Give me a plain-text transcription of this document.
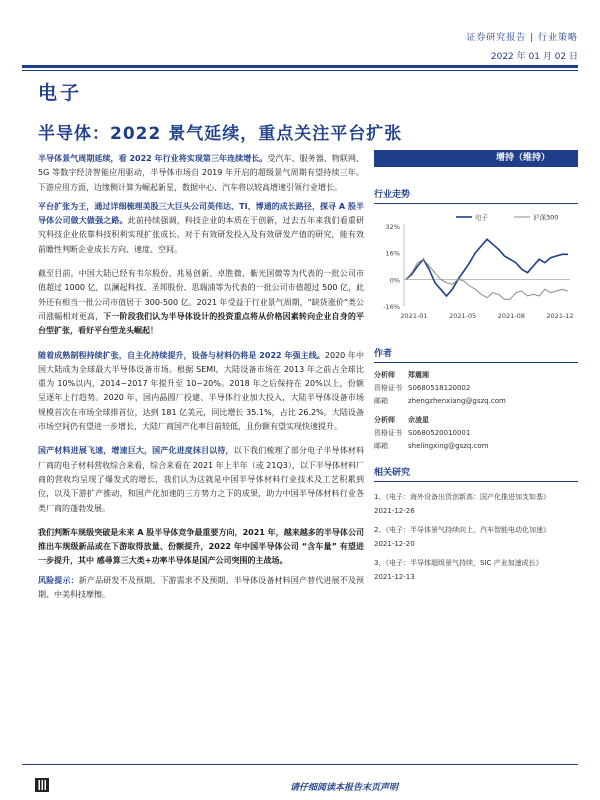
证券研究报告 | 行业策略
2022 年 01 月 02 日
电子
半导体：2022 景气延续，重点关注平台扩张

半导体景气周期延续，看 2022 年行业将实现第三年连续增长。受汽车、服务器、物联网、5G 等数字经济智能应用驱动，半导体市场自 2019 年开启的超级景气周期有望持续三年。下游应用方面，边缘侧计算为崛起新星，数据中心、汽车将以较高增速引领行业增长。

平台扩张为王，通过详细梳理美股三大巨头公司英伟达、TI、博通的成长路径，探寻 A 股半导体公司做大做强之路。此前持续强调，科技企业的本质在于创新，过去五年来我们看重研究科技企业依靠科技积利实现扩张成长。对于有效研发投入及有效研发产值的研究，能有效前瞻性判断企业成长方向、速度、空间。

截至目前，中国大陆已经有韦尔股份、兆易创新、卓胜微、紫光国微等为代表的一批公司市值超过 1000 亿，以澜起科技、圣邦股份、思瑞浦等为代表的一批公司市值超过 500 亿，此外还有相当一批公司市值居于 300-500 亿。2021 年受益于行业景气周期，“缺货涨价”类公司涨幅相对更高，下一阶段我们认为半导体设计的投资重点将从价格因素转向企业自身的平台型扩张，看好平台型龙头崛起！

随着成熟制程持续扩张，自主化持续提升，设备与材料仍将是 2022 年强主线。2020 年中国大陆成为全球最大半导体设备市场。根据 SEMI，大陆设备市场在 2013 年之前占全球比重为 10%以内，2014~2017 年提升至 10~20%。2018 年之后保持在 20%以上，份额呈逐年上行趋势。2020 年，国内晶圆厂投建、半导体行业加大投入，大陆半导体设备市场规模首次在市场全球排首位，达到 181 亿美元，同比增长 35.1%，占比 26.2%。大陆设备市场空间仍有望进一步增长，大陆厂商国产化率目前较低，且份额有望实现快速提升。

国产材料进展飞速，增速巨大，国产化进度抹目以待，以下我们梳理了部分电子半导体材料厂商的电子材料营收综合来看，综合来看在 2021 年上半年（或 21Q3），以下半导体材料厂商的营收均呈现了爆发式的增长，我们认为这就是中国半导体材料行业技术及工艺积累到位，以及下游扩产推动，和国产化加速的三方势力之下的成果，助力中国半导体材料行业各类厂商的蓬勃发展。

我们判断车规级突破是未来 A 股半导体竞争最重要方向，2021 年，越来越多的半导体公司推出车规级新品或在下游取得放量、份额提升，2022 年中国半导体公司 “含车量” 有望进一步提升，其中 感尋算三大类+功率半导体是国产公司突围的主战场。

风险提示：新产品研发不及预期、下游需求不及预期、半导体设备材料国产替代进展不及预期、中美科技摩擦。

增持（维持）
行业走势
32%
16%
0%
-16%
2021-01	2021-05	2021-08	2021-12
电子	沪深300
作者
分析师 郑震湘
资格证书 S0680518120002
邮箱	zhengzhenxiang@gszq.com
分析师 佘凌星
资格证书 S0680520010001
邮箱	shelingxing@gszq.com
相关研究
1、《电子：海外设备出货创新高：国产化推进加支如基》
2021-12-26
2、《电子：半导体景气持续向上，汽车智能电动化加速》
2021-12-20
3、《电子：半导体超级景气持续，SIC 产业加速成长》
2021-12-13
请仔细阅读本报告末页声明
